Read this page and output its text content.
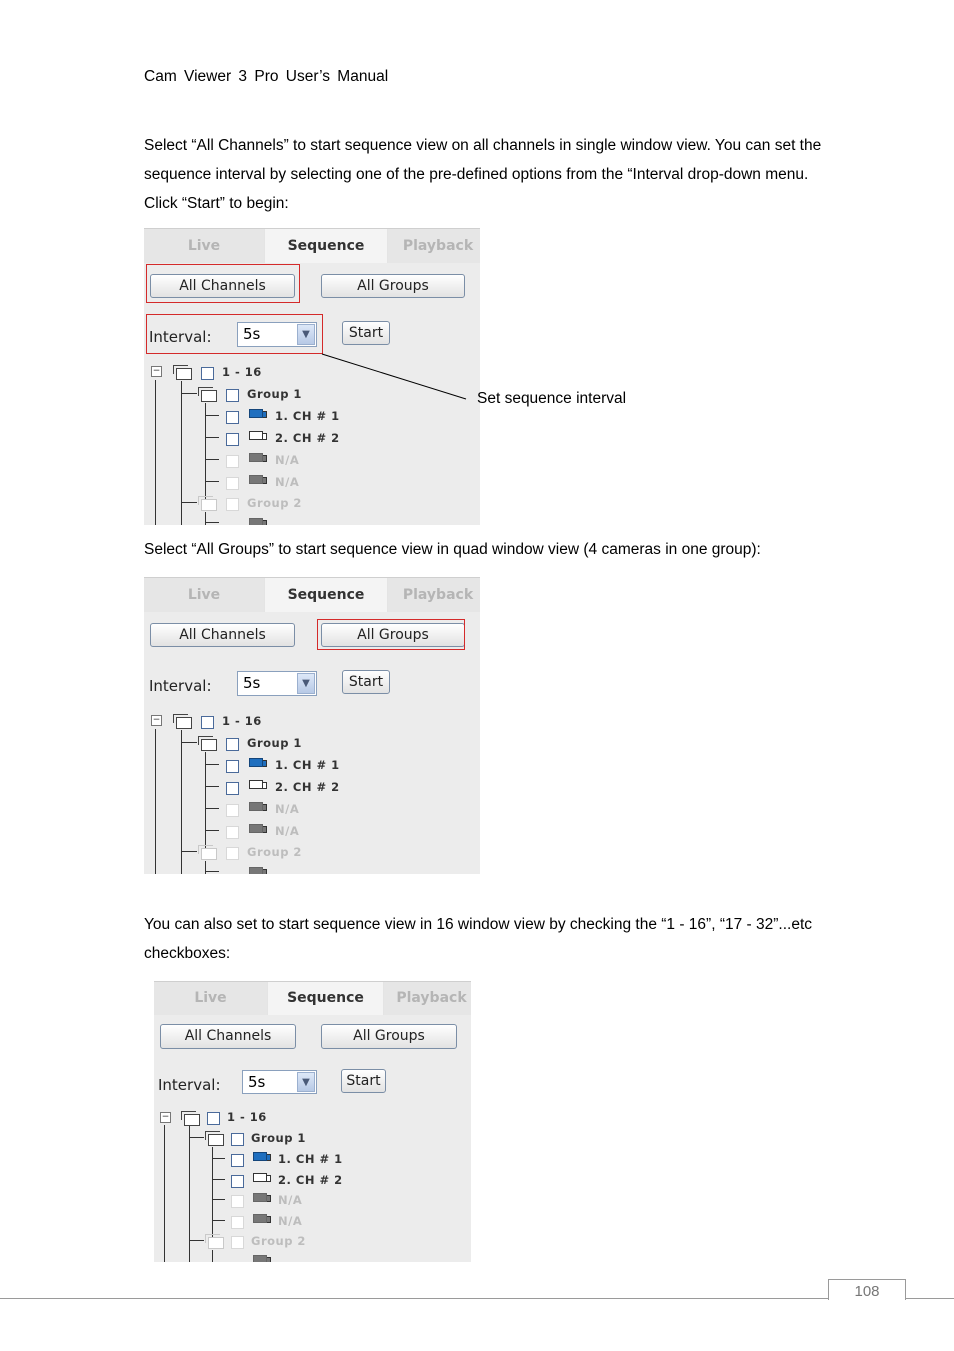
Cam Viewer 3 Pro User’s Manual
Select “All Channels” to start sequence view on all channels in single window view. You can set the sequence interval by selecting one of the pre-defined options from the “Interval drop-down menu. Click “Start” to begin:
Live	Sequence	Playback
All Channels	All Groups
Interval:	5s	▼	Start
−	1 - 16
Group 1
1. CH # 1
2. CH # 2
N/A
N/A
Group 2
Set sequence interval
Select “All Groups” to start sequence view in quad window view (4 cameras in one group):
Live	Sequence	Playback
All Channels	All Groups
Interval:	5s	▼	Start
−	1 - 16
Group 1
1. CH # 1
2. CH # 2
N/A
N/A
Group 2
You can also set to start sequence view in 16 window view by checking the “1 - 16”, “17 - 32”...etc checkboxes:
Live	Sequence	Playback
All Channels	All Groups
Interval:	5s	▼	Start
−	1 - 16
Group 1
1. CH # 1
2. CH # 2
N/A
N/A
Group 2
108
